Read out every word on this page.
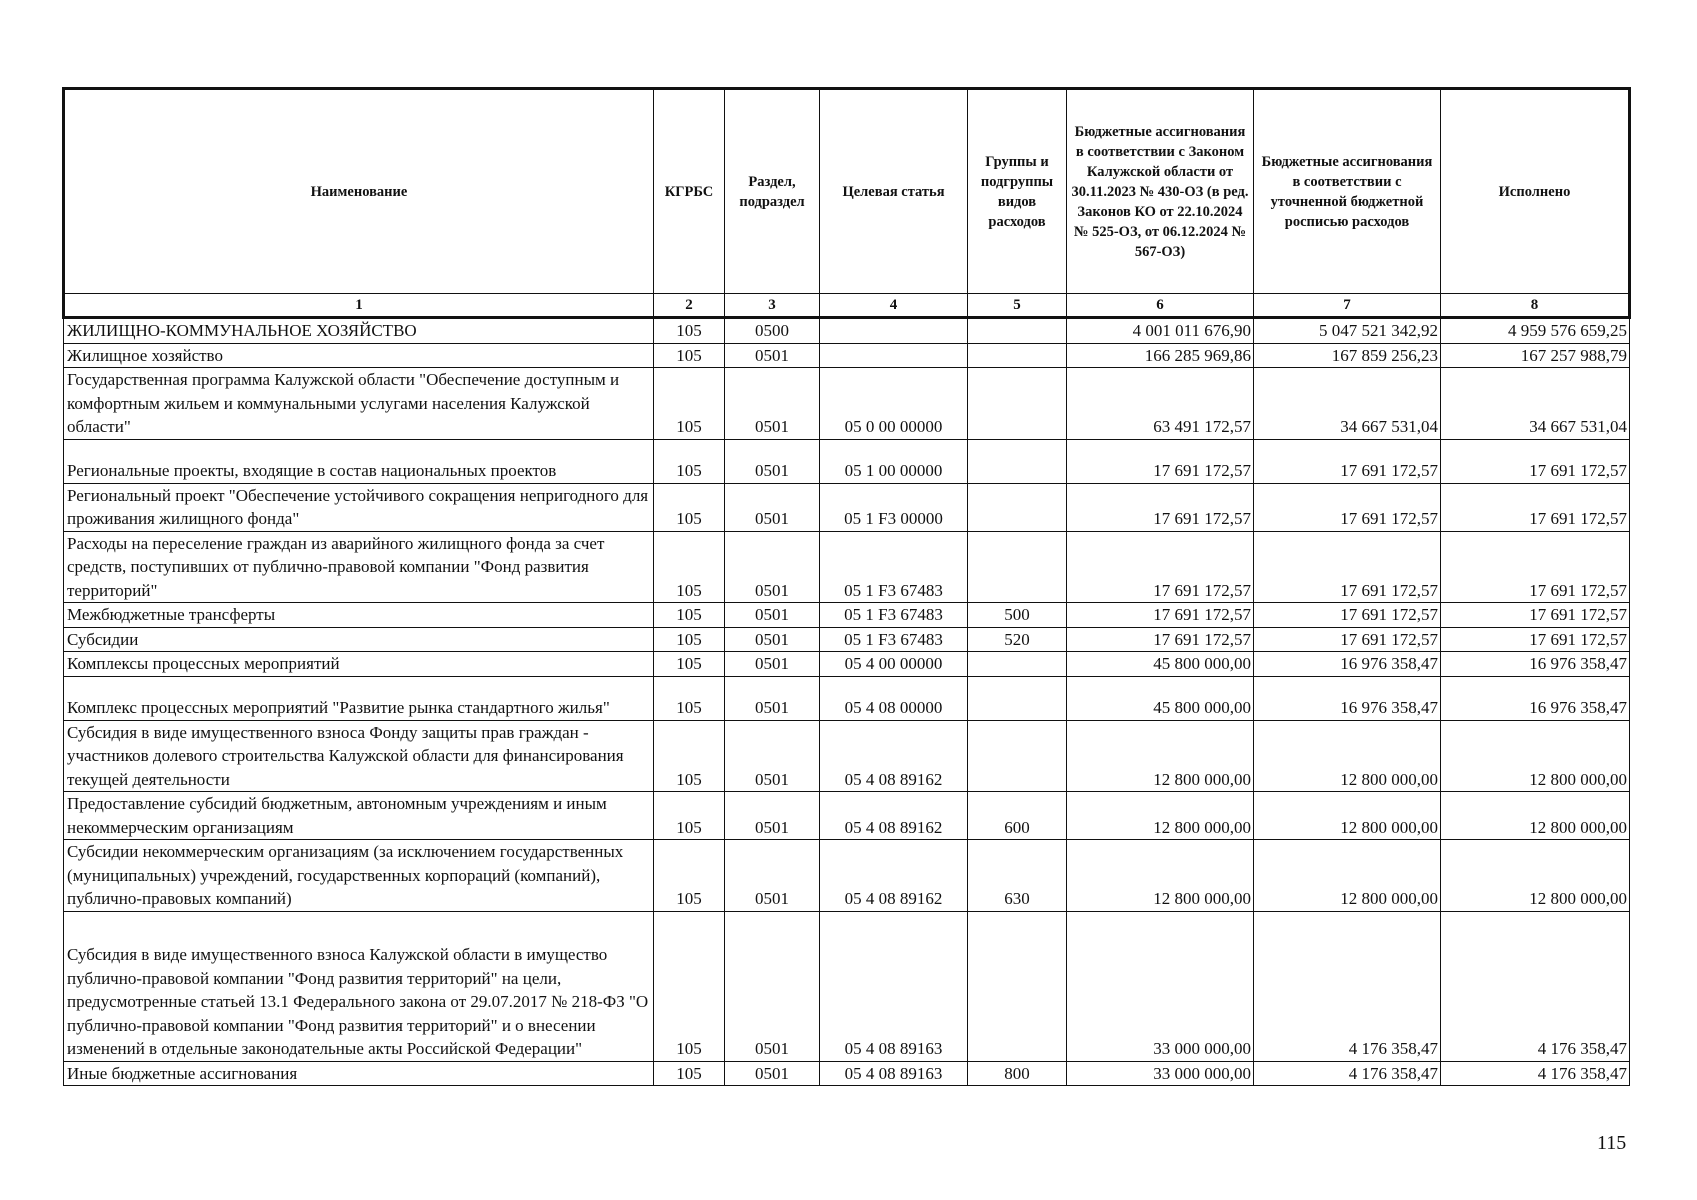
Наименование	КГРБС	Раздел, подраздел	Целевая статья	Группы и подгруппы видов расходов	Бюджетные ассигнования в соответствии с Законом Калужской области от 30.11.2023 № 430-ОЗ (в ред. Законов КО от 22.10.2024 № 525-ОЗ, от 06.12.2024 № 567-ОЗ)	Бюджетные ассигнования в соответствии с уточненной бюджетной росписью расходов	Исполнено
1	2	3	4	5	6	7	8
ЖИЛИЩНО-КОММУНАЛЬНОЕ ХОЗЯЙСТВО	105	0500			4 001 011 676,90	5 047 521 342,92	4 959 576 659,25
Жилищное хозяйство	105	0501			166 285 969,86	167 859 256,23	167 257 988,79
Государственная программа Калужской области "Обеспечение доступным и комфортным жильем и коммунальными услугами населения Калужской области"	105	0501	05 0 00 00000		63 491 172,57	34 667 531,04	34 667 531,04
Региональные проекты, входящие в состав национальных проектов	105	0501	05 1 00 00000		17 691 172,57	17 691 172,57	17 691 172,57
Региональный проект "Обеспечение устойчивого сокращения непригодного для проживания жилищного фонда"	105	0501	05 1 F3 00000		17 691 172,57	17 691 172,57	17 691 172,57
Расходы на переселение граждан из аварийного жилищного фонда за счет средств, поступивших от публично-правовой компании "Фонд развития территорий"	105	0501	05 1 F3 67483		17 691 172,57	17 691 172,57	17 691 172,57
Межбюджетные трансферты	105	0501	05 1 F3 67483	500	17 691 172,57	17 691 172,57	17 691 172,57
Субсидии	105	0501	05 1 F3 67483	520	17 691 172,57	17 691 172,57	17 691 172,57
Комплексы процессных мероприятий	105	0501	05 4 00 00000		45 800 000,00	16 976 358,47	16 976 358,47
Комплекс процессных мероприятий "Развитие рынка стандартного жилья"	105	0501	05 4 08 00000		45 800 000,00	16 976 358,47	16 976 358,47
Субсидия в виде имущественного взноса Фонду защиты прав граждан - участников долевого строительства Калужской области для финансирования текущей деятельности	105	0501	05 4 08 89162		12 800 000,00	12 800 000,00	12 800 000,00
Предоставление субсидий бюджетным, автономным учреждениям и иным некоммерческим организациям	105	0501	05 4 08 89162	600	12 800 000,00	12 800 000,00	12 800 000,00
Субсидии некоммерческим организациям (за исключением государственных (муниципальных) учреждений, государственных корпораций (компаний), публично-правовых компаний)	105	0501	05 4 08 89162	630	12 800 000,00	12 800 000,00	12 800 000,00
Субсидия в виде имущественного взноса Калужской области в имущество публично-правовой компании "Фонд развития территорий" на цели, предусмотренные статьей 13.1 Федерального закона от 29.07.2017 № 218-ФЗ "О публично-правовой компании "Фонд развития территорий" и о внесении изменений в отдельные законодательные акты Российской Федерации"	105	0501	05 4 08 89163		33 000 000,00	4 176 358,47	4 176 358,47
Иные бюджетные ассигнования	105	0501	05 4 08 89163	800	33 000 000,00	4 176 358,47	4 176 358,47
115
